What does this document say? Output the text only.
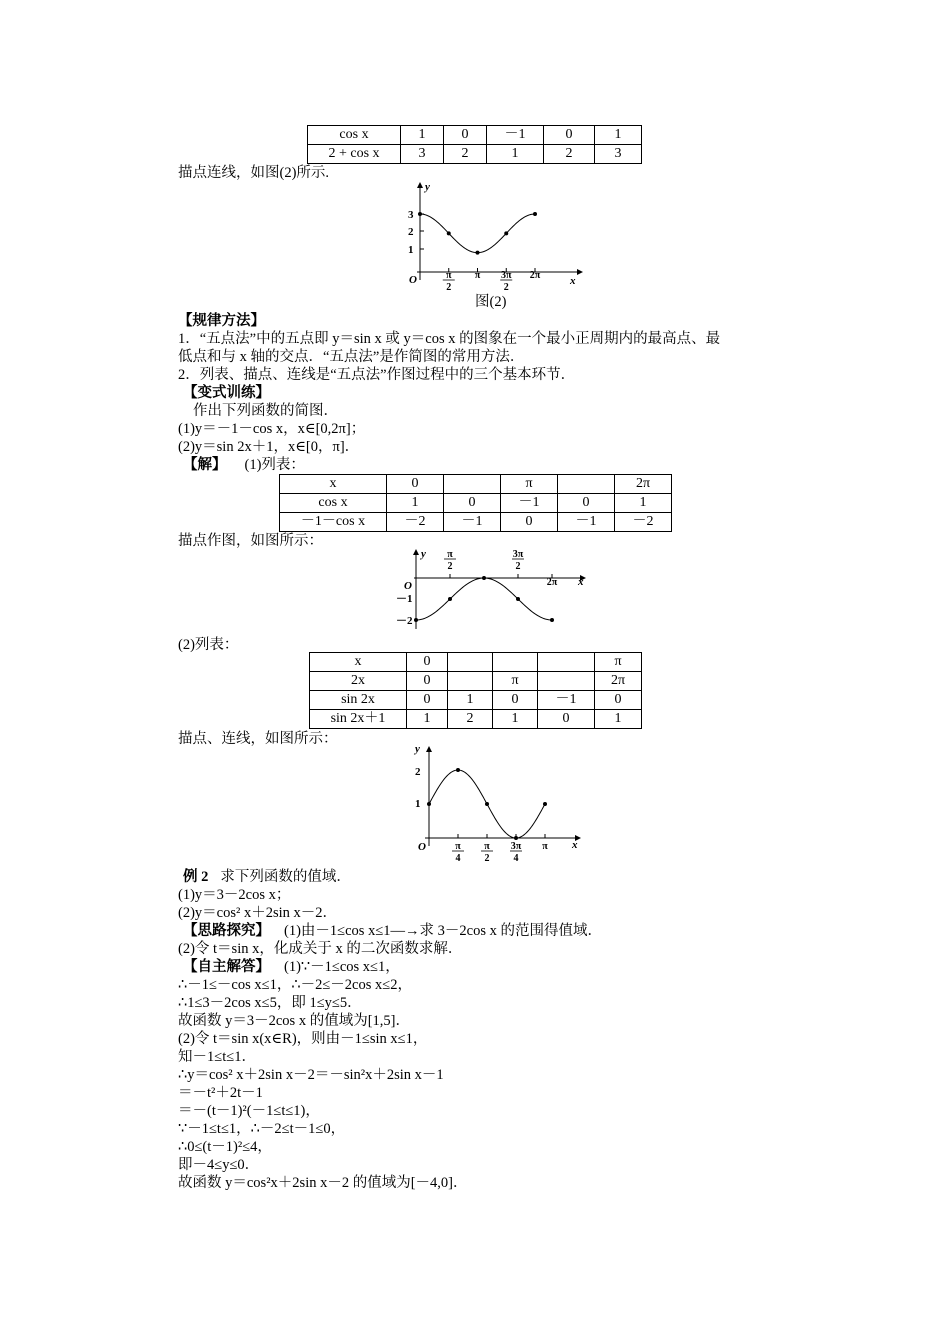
cos x	1	0	－1	0	1
2 + cos x	3	2	1	2	3
描点连线，如图(2)所示.
y
x
O
1
2
3
π
2
π 3π
2
2π
图(2)
【规律方法】
1．“五点法”中的五点即 y＝sin x 或 y＝cos x 的图象在一个最小正周期内的最高点、最
低点和与 x 轴的交点．“五点法”是作简图的常用方法．
2．列表、描点、连线是“五点法”作图过程中的三个基本环节．
【变式训练】
作出下列函数的简图．
(1)y＝－1－cos x，x∈[0,2π]；
(2)y＝sin 2x＋1，x∈[0，π]．
【解】 (1)列表：
x	0		π		2π
cos x	1	0	－1	0	1
－1－cos x	－2	－1	0	－1	－2
描点作图，如图所示：
y
x
O
－1
－2
π
2
3π
2
2π
(2)列表：
x	0				π
2x	0		π		2π
sin 2x	0	1	0	－1	0
sin 2x＋1	1	2	1	0	1
描点、连线，如图所示：
y
x
O
2
1
π
4
π
2
3π
4
π
例 2 求下列函数的值域．
(1)y＝3－2cos x；
(2)y＝cos² x＋2sin x－2．
【思路探究】 (1)由－1≤cos x≤1―→求 3－2cos x 的范围得值域．
(2)令 t＝sin x，化成关于 x 的二次函数求解．
【自主解答】 (1)∵－1≤cos x≤1，
∴－1≤－cos x≤1，∴－2≤－2cos x≤2，
∴1≤3－2cos x≤5，即 1≤y≤5．
故函数 y＝3－2cos x 的值域为[1,5]．
(2)令 t＝sin x(x∈R)，则由－1≤sin x≤1，
知－1≤t≤1．
∴y＝cos² x＋2sin x－2＝－sin²x＋2sin x－1
＝－t²＋2t－1
＝－(t－1)²(－1≤t≤1)，
∵－1≤t≤1，∴－2≤t－1≤0，
∴0≤(t－1)²≤4，
即－4≤y≤0．
故函数 y＝cos²x＋2sin x－2 的值域为[－4,0]．
